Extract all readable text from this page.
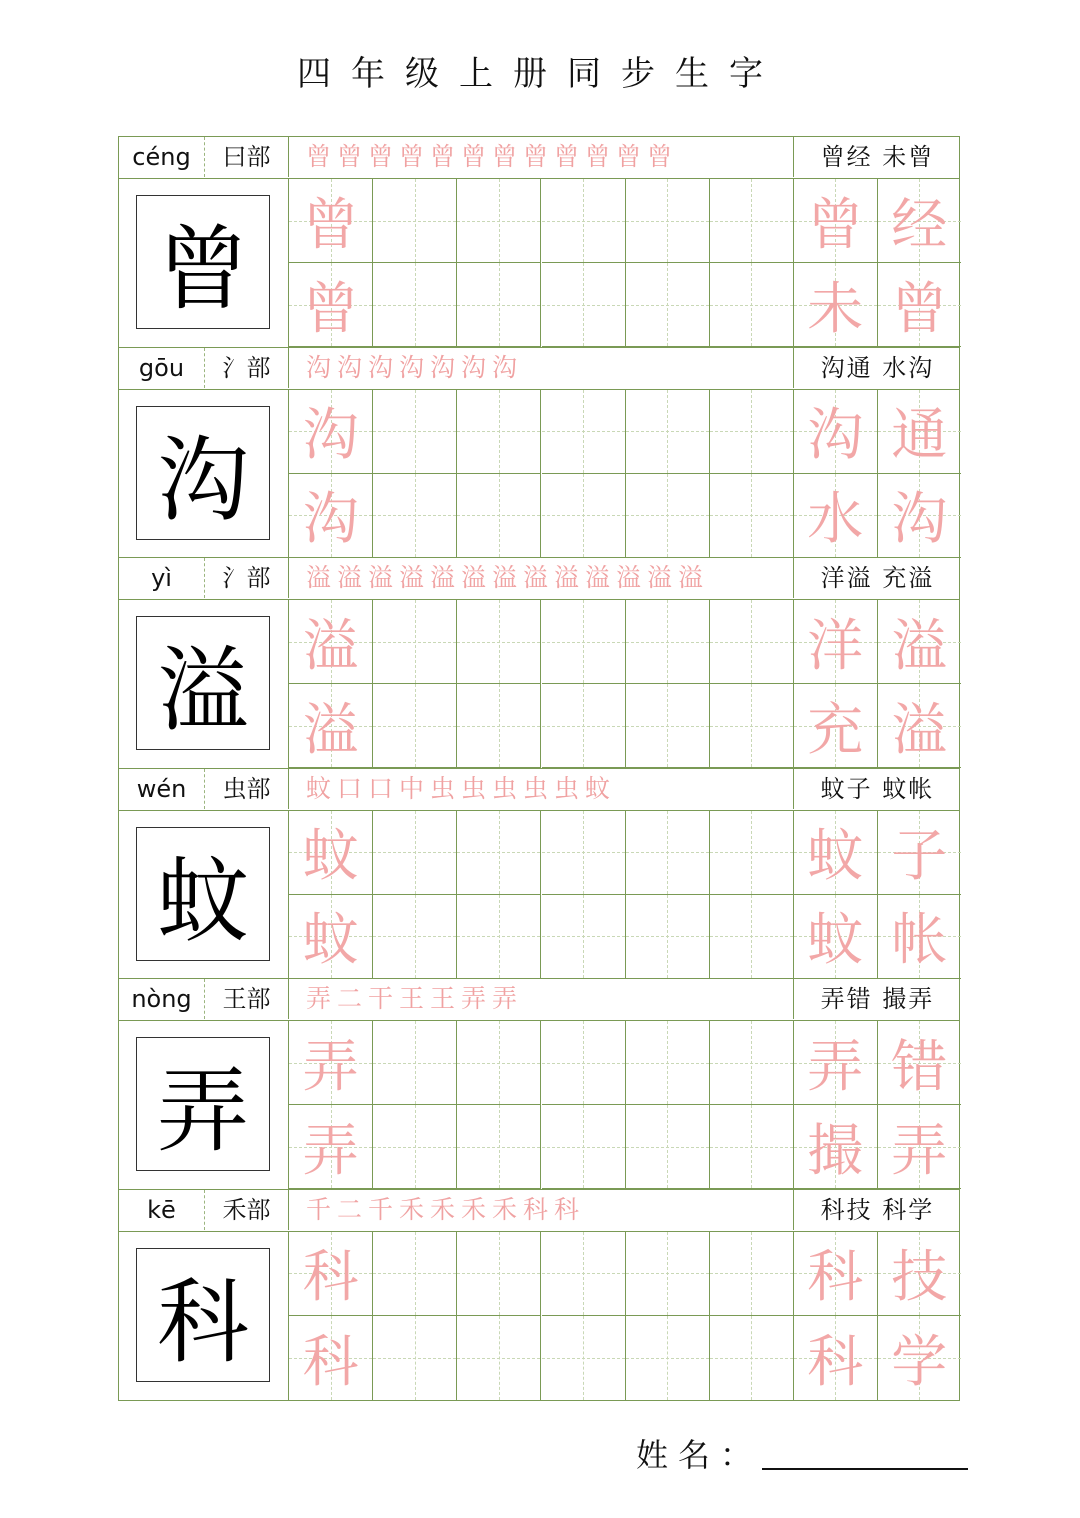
四年级上册同步生字
céng	曰部	曾 曾 曾 曾 曾 曾 曾 曾 曾 曾 曾 曾	曾经 未曾
曾 曾
曾
曾 经
未 曾
gōu	氵部	沟 沟 沟 沟 沟 沟 沟	沟通 水沟
沟 沟
沟
沟 通
水 沟
yì	氵部	溢 溢 溢 溢 溢 溢 溢 溢 溢 溢 溢 溢 溢	洋溢 充溢
溢 溢
溢
洋 溢
充 溢
wén	虫部	蚊 口 口 中 虫 虫 虫 虫 虫 蚊	蚊子 蚊帐
蚊 蚊
蚊
蚊 子
蚊 帐
nòng	王部	弄 二 干 王 王 弄 弄	弄错 撮弄
弄 弄
弄
弄 错
撮 弄
kē	禾部	千 二 千 禾 禾 禾 禾 科 科	科技 科学
科 科
科
科 技
科 学
姓名：
